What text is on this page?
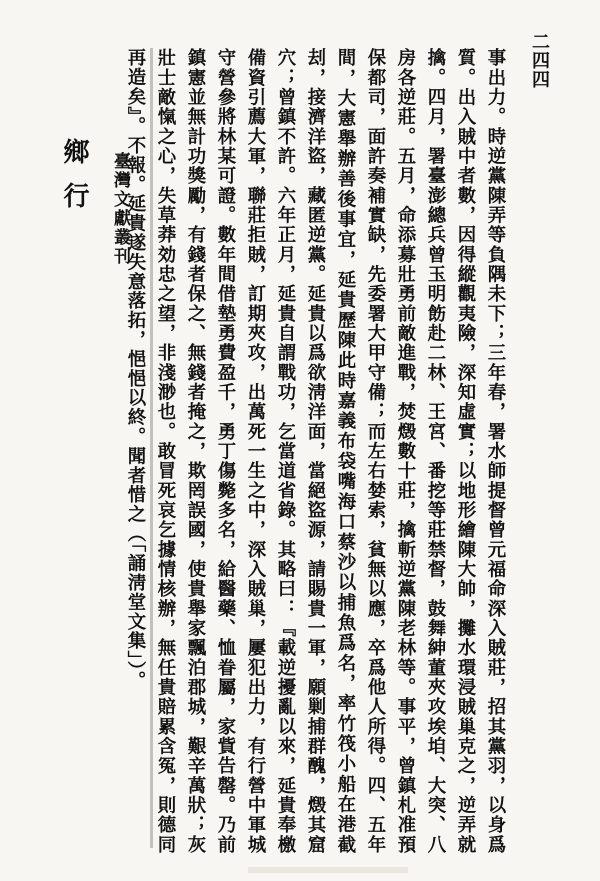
二四四
事出力。時逆黨陳弄等負隅未下；三年春，署水師提督曾元福命深入賊莊，招其黨羽，以身爲質。出入賊中者數，因得縱觀夷險，深知虛實；以地形繪陳大帥，攤水環浸賊巢克之，逆弄就擒。四月，署臺澎總兵曾玉明飭赴二林、王宮、番挖等莊禁督，鼓舞紳董夾攻埃垍、大突、八房各逆莊。五月，命添募壯勇前敵進戰，焚燬數十莊，擒斬逆黨陳老林等。事平，曾鎮札准預保都司，面許奏補實缺，先委署大甲守備；而左右婪索，貧無以應，卒爲他人所得。四、五年間，大憲舉辦善後事宜，延貴歷陳此時嘉義布袋嘴海口蔡沙以捕魚爲名，率竹筏小船在港截刦，接濟洋盜，藏匿逆黨。延貴以爲欲淸洋面，當絕盜源，請賜貴一軍，願剿捕群醜，燬其窟穴；曾鎮不許。六年正月，延貴自謂戰功，乞當道省錄。其略曰：『載逆擾亂以來，延貴奉檄備資引薦大軍，聯莊拒賊，訂期夾攻，出萬死一生之中，深入賊巢，屢犯出力，有行營中軍城守營參將林某可證。數年間借墊勇費盈千，勇丁傷斃多名，給醫藥、恤眷屬，家貲告罄。乃前鎮憲並無計功獎勵，有錢者保之、無錢者掩之，欺罔誤國，使貴舉家飄泊郡城，艱辛萬狀；灰壯士敵愾之心，失草莽効忠之望，非淺渺也。敢冒死哀乞據情核辦，無任貴賠累含冤，則德同再造矣』。不報。延貴遂失意落拓，悒悒以終。聞者惜之（「誦淸堂文集」）。
臺灣文獻叢刊
鄉行
